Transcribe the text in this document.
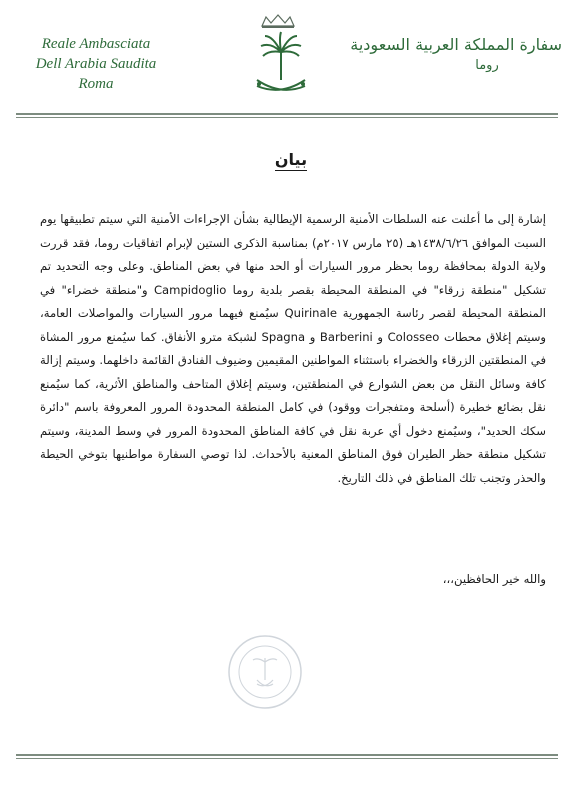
Reale Ambasciata
Dell Arabia Saudita
Roma
سفارة المملكة العربية السعودية
روما
بيان
إشارة إلى ما أعلنت عنه السلطات الأمنية الرسمية الإيطالية بشأن الإجراءات الأمنية التي سيتم تطبيقها يوم السبت الموافق ١٤٣٨/٦/٢٦هـ (٢٥ مارس ٢٠١٧م) بمناسبة الذكرى الستين لإبرام اتفاقيات روما، فقد قررت ولاية الدولة بمحافظة روما بحظر مرور السيارات أو الحد منها في بعض المناطق. وعلى وجه التحديد تم تشكيل "منطقة زرقاء" في المنطقة المحيطة بقصر بلدية روما Campidoglio و"منطقة خضراء" في المنطقة المحيطة لقصر رئاسة الجمهورية Quirinale سيُمنع فيهما مرور السيارات والمواصلات العامة، وسيتم إغلاق محطات Colosseo و Barberini و Spagna لشبكة مترو الأنفاق. كما سيُمنع مرور المشاة في المنطقتين الزرقاء والخضراء باستثناء المواطنين المقيمين وضيوف الفنادق القائمة داخلهما. وسيتم إزالة كافة وسائل النقل من بعض الشوارع في المنطقتين، وسيتم إغلاق المتاحف والمناطق الأثرية، كما سيُمنع نقل بضائع خطيرة (أسلحة ومتفجرات ووقود) في كامل المنطقة المحدودة المرور المعروفة باسم "دائرة سكك الحديد"، وسيُمنع دخول أي عربة نقل في كافة المناطق المحدودة المرور في وسط المدينة، وسيتم تشكيل منطقة حظر الطيران فوق المناطق المعنية بالأحداث. لذا توصي السفارة مواطنيها بتوخي الحيطة والحذر وتجنب تلك المناطق في ذلك التاريخ.
والله خير الحافظين،،،
